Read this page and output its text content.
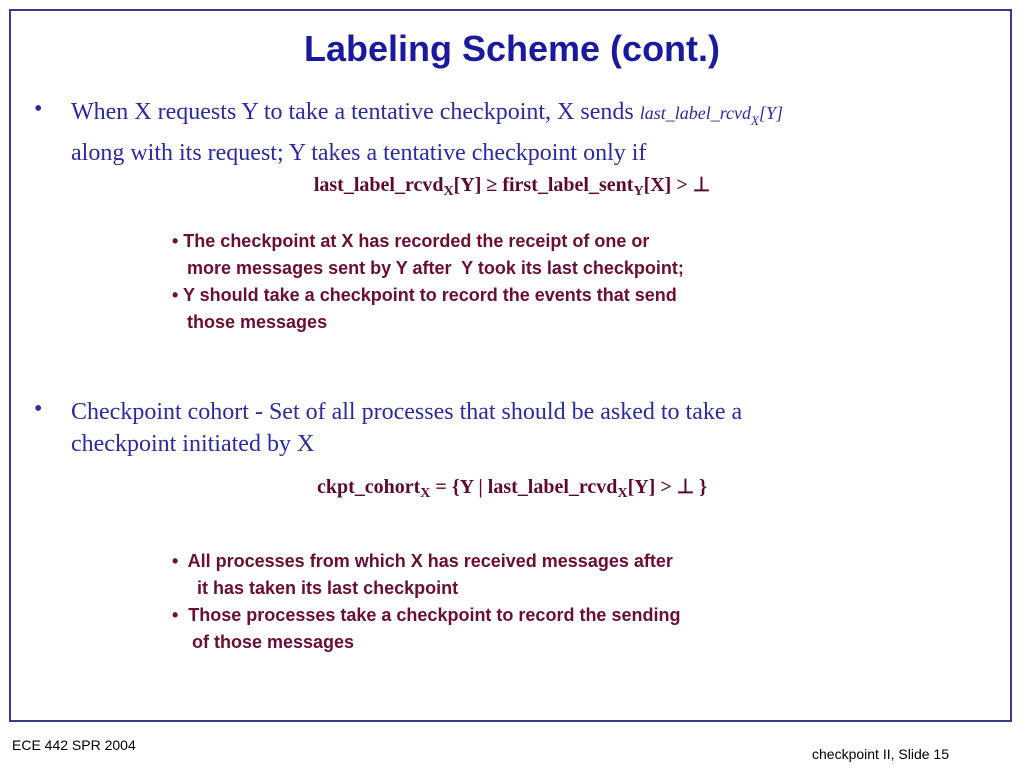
Labeling Scheme (cont.)
• When X requests Y to take a tentative checkpoint, X sends last_label_rcvd$_X$[Y]
along with its request; Y takes a tentative checkpoint only if
last_label_rcvd$_X$[Y] ≥ first_label_sent$_Y$[X] > ⊥
• The checkpoint at X has recorded the receipt of one or
more messages sent by Y after  Y took its last checkpoint;
• Y should take a checkpoint to record the events that send
those messages
• Checkpoint cohort - Set of all processes that should be asked to take a
checkpoint initiated by X
ckpt_cohort$_X$ = {Y | last_label_rcvd$_X$[Y] > ⊥ }
•  All processes from which X has received messages after
it has taken its last checkpoint
•  Those processes take a checkpoint to record the sending
of those messages
ECE 442 SPR 2004
checkpoint II, Slide 15
